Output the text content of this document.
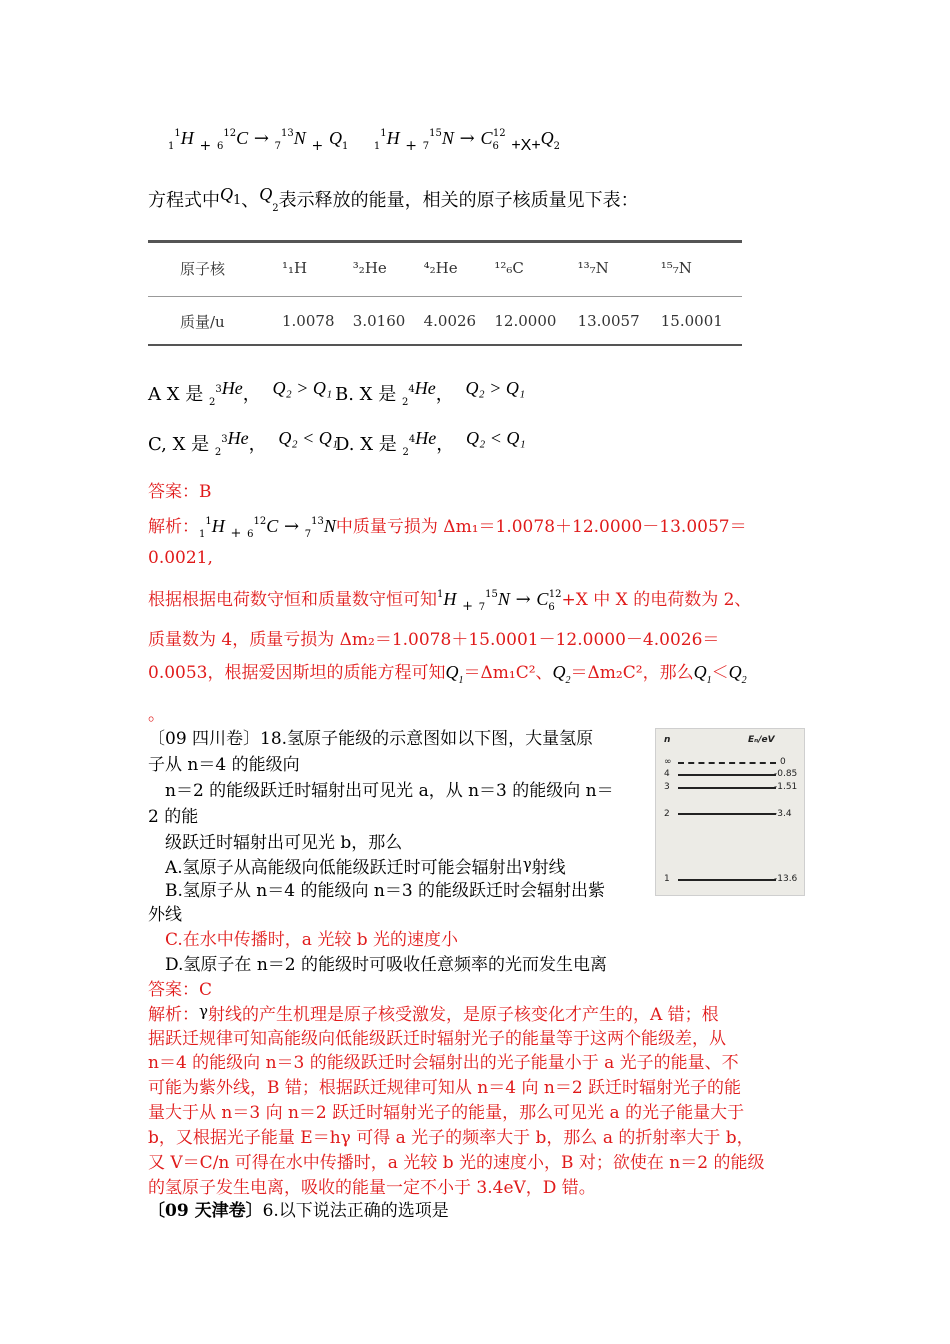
$_1^1$H $_+$ $_6^{12}$C → $_7^{13}$N $_+$ $Q_1$	$_1^1$H $_+$ $_7^{15}N \to C_6^{12} +X+Q_2$
方程式中Q1、$Q_2$表示释放的能量，相关的原子核质量见下表：
原子核	¹₁H	³₂He	⁴₂He	¹²₆C	¹³₇N	¹⁵₇N
质量/u	1.0078	3.0160	4.0026	12.0000	13.0057	15.0001
A X 是 $_2^3$He， Q₂ > Q₁ B. X 是 $_2^4$He， Q₂ > Q₁
C, X 是 $_2^3$He， Q₂ < Q₁
D. X 是 $_2^4$He， Q₂ < Q₁
答案：B
解析：$_1^1$H $_+$ $_6^{12}$C → $_7^{13}$N中质量亏损为 Δm₁＝1.0078＋12.0000－13.0057＝
0.0021,
根据根据电荷数守恒和质量数守恒可知$^1$H $_+$ $_7^{15}N \to C_6^{12}+X$ 中 X 的电荷数为 2、
质量数为 4，质量亏损为 Δm₂＝1.0078＋15.0001－12.0000－4.0026＝
0.0053，根据爱因斯坦的质能方程可知$Q_1=\Delta m_1C^2$、$Q_2=\Delta m_2C^2$，那么$Q_1<Q_2$
。
〔09 四川卷〕18.氢原子能级的示意图如以下图，大量氢原
子从 n＝4 的能级向
n＝2 的能级跃迁时辐射出可见光 a，从 n＝3 的能级向 n＝
2 的能
级跃迁时辐射出可见光 b，那么
A.氢原子从高能级向低能级跃迁时可能会辐射出γ射线
B.氢原子从 n＝4 的能级向 n＝3 的能级跃迁时会辐射出紫
外线
C.在水中传播时，a 光较 b 光的速度小
D.氢原子在 n＝2 的能级时可吸收任意频率的光而发生电离
答案：C
n	Eₙ/eV
∞	0
4	-0.85
3	-1.51
2	-3.4
1	-13.6
解析：γ射线的产生机理是原子核受激发，是原子核变化才产生的，A 错；根
据跃迁规律可知高能级向低能级跃迁时辐射光子的能量等于这两个能级差，从
n＝4 的能级向 n＝3 的能级跃迁时会辐射出的光子能量小于 a 光子的能量、不
可能为紫外线，B 错；根据跃迁规律可知从 n＝4 向 n＝2 跃迁时辐射光子的能
量大于从 n＝3 向 n＝2 跃迁时辐射光子的能量，那么可见光 a 的光子能量大于
b，又根据光子能量 E＝hγ 可得 a 光子的频率大于 b，那么 a 的折射率大于 b，
又 V＝C/n 可得在水中传播时，a 光较 b 光的速度小，B 对；欲使在 n＝2 的能级
的氢原子发生电离，吸收的能量一定不小于 3.4eV，D 错。
〔09 天津卷〕6.以下说法正确的选项是
